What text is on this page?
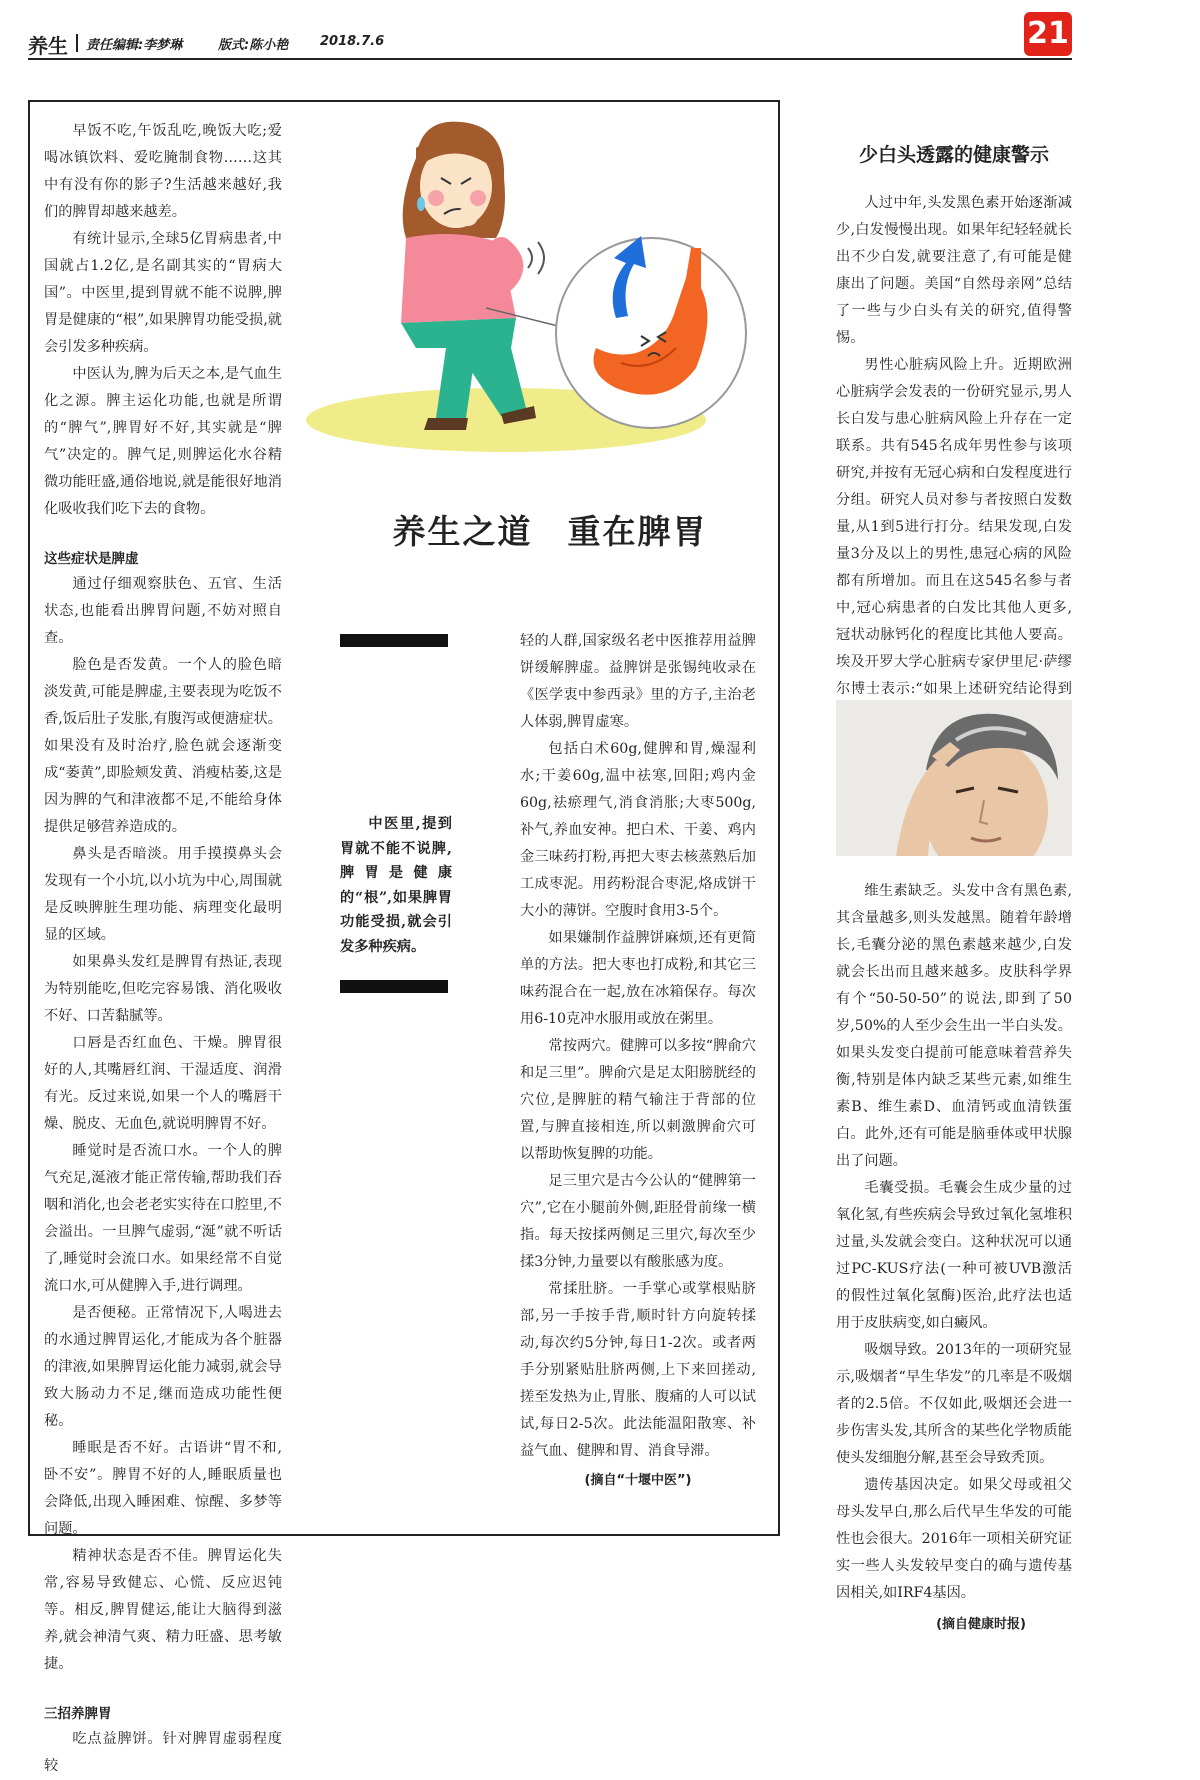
养生 责任编辑:李梦琳	版式:陈小艳 2018.7.6	21

早饭不吃,午饭乱吃,晚饭大吃;爱喝冰镇饮料、爱吃腌制食物……这其中有没有你的影子?生活越来越好,我们的脾胃却越来越差。

有统计显示,全球5亿胃病患者,中国就占1.2亿,是名副其实的“胃病大国”。中医里,提到胃就不能不说脾,脾胃是健康的“根”,如果脾胃功能受损,就会引发多种疾病。

中医认为,脾为后天之本,是气血生化之源。脾主运化功能,也就是所谓的“脾气”,脾胃好不好,其实就是“脾气”决定的。脾气足,则脾运化水谷精微功能旺盛,通俗地说,就是能很好地消化吸收我们吃下去的食物。

这些症状是脾虚

通过仔细观察肤色、五官、生活状态,也能看出脾胃问题,不妨对照自查。

脸色是否发黄。一个人的脸色暗淡发黄,可能是脾虚,主要表现为吃饭不香,饭后肚子发胀,有腹泻或便溏症状。如果没有及时治疗,脸色就会逐渐变成“萎黄”,即脸颊发黄、消瘦枯萎,这是因为脾的气和津液都不足,不能给身体提供足够营养造成的。

鼻头是否暗淡。用手摸摸鼻头会发现有一个小坑,以小坑为中心,周围就是反映脾脏生理功能、病理变化最明显的区域。

如果鼻头发红是脾胃有热证,表现为特别能吃,但吃完容易饿、消化吸收不好、口苦黏腻等。

口唇是否红血色、干燥。脾胃很好的人,其嘴唇红润、干湿适度、润滑有光。反过来说,如果一个人的嘴唇干燥、脱皮、无血色,就说明脾胃不好。

睡觉时是否流口水。一个人的脾气充足,涎液才能正常传输,帮助我们吞咽和消化,也会老老实实待在口腔里,不会溢出。一旦脾气虚弱,“涎”就不听话了,睡觉时会流口水。如果经常不自觉流口水,可从健脾入手,进行调理。

是否便秘。正常情况下,人喝进去的水通过脾胃运化,才能成为各个脏器的津液,如果脾胃运化能力减弱,就会导致大肠动力不足,继而造成功能性便秘。

睡眠是否不好。古语讲“胃不和,卧不安”。脾胃不好的人,睡眠质量也会降低,出现入睡困难、惊醒、多梦等问题。

精神状态是否不佳。脾胃运化失常,容易导致健忘、心慌、反应迟钝等。相反,脾胃健运,能让大脑得到滋养,就会神清气爽、精力旺盛、思考敏捷。

三招养脾胃

吃点益脾饼。针对脾胃虚弱程度较

养生之道　重在脾胃
中医里,提到胃就不能不说脾,脾胃是健康的“根”,如果脾胃功能受损,就会引发多种疾病。

轻的人群,国家级名老中医推荐用益脾饼缓解脾虚。益脾饼是张锡纯收录在《医学衷中参西录》里的方子,主治老人体弱,脾胃虚寒。

包括白术60g,健脾和胃,燥湿利水;干姜60g,温中祛寒,回阳;鸡内金60g,祛瘀理气,消食消胀;大枣500g,补气,养血安神。把白术、干姜、鸡内金三味药打粉,再把大枣去核蒸熟后加工成枣泥。用药粉混合枣泥,烙成饼干大小的薄饼。空腹时食用3-5个。

如果嫌制作益脾饼麻烦,还有更简单的方法。把大枣也打成粉,和其它三味药混合在一起,放在冰箱保存。每次用6-10克冲水服用或放在粥里。

常按两穴。健脾可以多按“脾俞穴和足三里”。脾俞穴是足太阳膀胱经的穴位,是脾脏的精气输注于背部的位置,与脾直接相连,所以刺激脾俞穴可以帮助恢复脾的功能。

足三里穴是古今公认的“健脾第一穴”,它在小腿前外侧,距胫骨前缘一横指。每天按揉两侧足三里穴,每次至少揉3分钟,力量要以有酸胀感为度。

常揉肚脐。一手掌心或掌根贴脐部,另一手按手背,顺时针方向旋转揉动,每次约5分钟,每日1-2次。或者两手分别紧贴肚脐两侧,上下来回搓动,搓至发热为止,胃胀、腹痛的人可以试试,每日2-5次。此法能温阳散寒、补益气血、健脾和胃、消食导滞。

(摘自“十堰中医”)
少白头透露的健康警示

人过中年,头发黑色素开始逐渐减少,白发慢慢出现。如果年纪轻轻就长出不少白发,就要注意了,有可能是健康出了问题。美国“自然母亲网”总结了一些与少白头有关的研究,值得警惕。

男性心脏病风险上升。近期欧洲心脏病学会发表的一份研究显示,男人长白发与患心脏病风险上升存在一定联系。共有545名成年男性参与该项研究,并按有无冠心病和白发程度进行分组。研究人员对参与者按照白发数量,从1到5进行打分。结果发现,白发量3分及以上的男性,患冠心病的风险都有所增加。而且在这545名参与者中,冠心病患者的白发比其他人更多,冠状动脉钙化的程度比其他人要高。埃及开罗大学心脏病专家伊里尼·萨缪尔博士表示:“如果上述研究结论得到

维生素缺乏。头发中含有黑色素,其含量越多,则头发越黑。随着年龄增长,毛囊分泌的黑色素越来越少,白发就会长出而且越来越多。皮肤科学界有个“50-50-50”的说法,即到了50岁,50%的人至少会生出一半白头发。如果头发变白提前可能意味着营养失衡,特别是体内缺乏某些元素,如维生素B、维生素D、血清钙或血清铁蛋白。此外,还有可能是脑垂体或甲状腺出了问题。

毛囊受损。毛囊会生成少量的过氧化氢,有些疾病会导致过氧化氢堆积过量,头发就会变白。这种状况可以通过PC-KUS疗法(一种可被UVB激活的假性过氧化氢酶)医治,此疗法也适用于皮肤病变,如白癜风。

吸烟导致。2013年的一项研究显示,吸烟者“早生华发”的几率是不吸烟者的2.5倍。不仅如此,吸烟还会进一步伤害头发,其所含的某些化学物质能使头发细胞分解,甚至会导致秃顶。

遗传基因决定。如果父母或祖父母头发早白,那么后代早生华发的可能性也会很大。2016年一项相关研究证实一些人头发较早变白的确与遗传基因相关,如IRF4基因。

(摘自健康时报)
